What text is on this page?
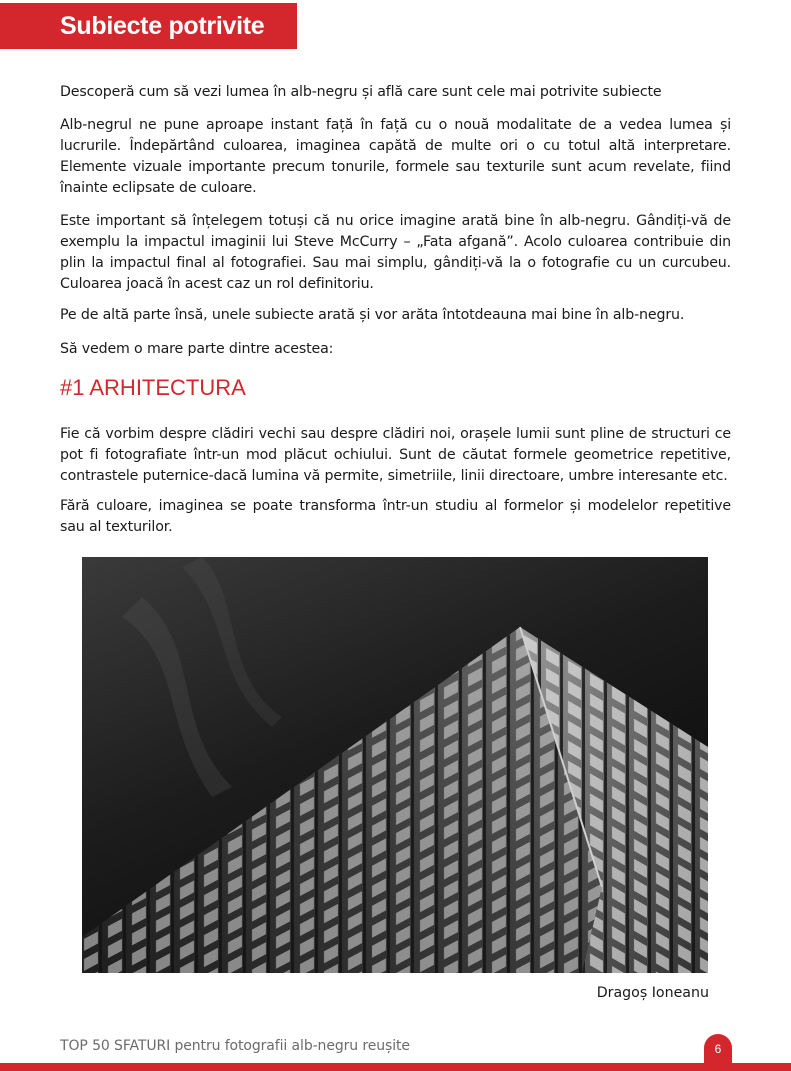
Subiecte potrivite

Descoperă cum să vezi lumea în alb-negru și află care sunt cele mai potrivite subiecte

Alb-negrul ne pune aproape instant față în față cu o nouă modalitate de a vedea lumea și lucrurile. Îndepărtând culoarea, imaginea capătă de multe ori o cu totul altă interpretare. Elemente vizuale importante precum tonurile, formele sau texturile sunt acum revelate, fiind înainte eclipsate de culoare.

Este important să înțelegem totuși că nu orice imagine arată bine în alb-negru. Gândiți-vă de exemplu la impactul imaginii lui Steve McCurry – „Fata afgană”. Acolo culoarea contribuie din plin la impactul final al fotografiei. Sau mai simplu, gândiți-vă la o fotografie cu un curcubeu. Culoarea joacă în acest caz un rol definitoriu.

Pe de altă parte însă, unele subiecte arată și vor arăta întotdeauna mai bine în alb-negru.

Să vedem o mare parte dintre acestea:

#1 ARHITECTURA

Fie că vorbim despre clădiri vechi sau despre clădiri noi, orașele lumii sunt pline de structuri ce pot fi fotografiate într-un mod plăcut ochiului. Sunt de căutat formele geometrice repetitive, contrastele puternice-dacă lumina vă permite, simetriile, linii directoare, umbre interesante etc.

Fără culoare, imaginea se poate transforma într-un studiu al formelor și modelelor repetitive sau al texturilor.

Dragoș Ioneanu

TOP 50 SFATURI pentru fotografii alb-negru reușite	6
